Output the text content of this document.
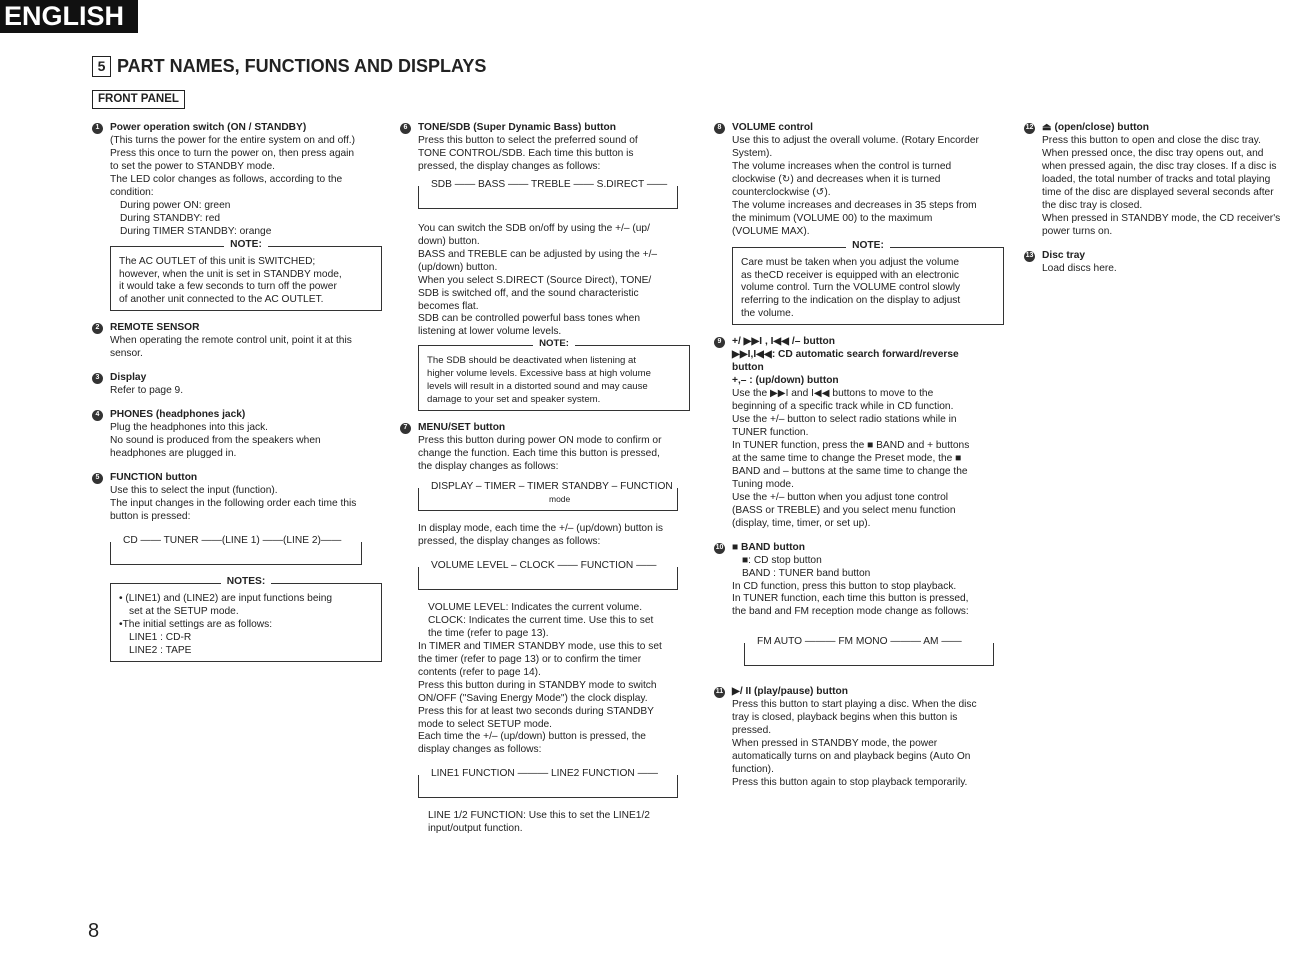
ENGLISH
5 PART NAMES, FUNCTIONS AND DISPLAYS
FRONT PANEL
1	Power operation switch (ON / STANDBY)
(This turns the power for the entire system on and off.)
Press this once to turn the power on, then press again
to set the power to STANDBY mode.
The LED color changes as follows, according to the
condition:
During power ON: green
During STANDBY: red
During TIMER STANDBY: orange
NOTE:
The AC OUTLET of this unit is SWITCHED;
however, when the unit is set in STANDBY mode,
it would take a few seconds to turn off the power
of another unit connected to the AC OUTLET.
2	REMOTE SENSOR
When operating the remote control unit, point it at this
sensor.
3	Display
Refer to page 9.
4	PHONES (headphones jack)
Plug the headphones into this jack.
No sound is produced from the speakers when
headphones are plugged in.
5	FUNCTION button
Use this to select the input (function).
The input changes in the following order each time this
button is pressed:
CD —— TUNER ——(LINE 1) ——(LINE 2)——
NOTES:
• (LINE1) and (LINE2) are input functions being
set at the SETUP mode.
•The initial settings are as follows:
LINE1 : CD-R
LINE2 : TAPE
6	TONE/SDB (Super Dynamic Bass) button
Press this button to select the preferred sound of
TONE CONTROL/SDB. Each time this button is
pressed, the display changes as follows:
SDB —— BASS —— TREBLE —— S.DIRECT ——
You can switch the SDB on/off by using the +/– (up/
down) button.
BASS and TREBLE can be adjusted by using the +/–
(up/down) button.
When you select S.DIRECT (Source Direct), TONE/
SDB is switched off, and the sound characteristic
becomes flat.
SDB can be controlled powerful bass tones when
listening at lower volume levels.
NOTE:
The SDB should be deactivated when listening at
higher volume levels. Excessive bass at high volume
levels will result in a distorted sound and may cause
damage to your set and speaker system.
7	MENU/SET button
Press this button during power ON mode to confirm or
change the function. Each time this button is pressed,
the display changes as follows:
DISPLAY – TIMER – TIMER STANDBY – FUNCTION
mode
In display mode, each time the +/– (up/down) button is
pressed, the display changes as follows:
VOLUME LEVEL – CLOCK —— FUNCTION ——
VOLUME LEVEL: Indicates the current volume.
CLOCK: Indicates the current time. Use this to set
the time (refer to page 13).
In TIMER and TIMER STANDBY mode, use this to set
the timer (refer to page 13) or to confirm the timer
contents (refer to page 14).
Press this button during in STANDBY mode to switch
ON/OFF ("Saving Energy Mode") the clock display.
Press this for at least two seconds during STANDBY
mode to select SETUP mode.
Each time the +/– (up/down) button is pressed, the
display changes as follows:
LINE1 FUNCTION ——— LINE2 FUNCTION ——
LINE 1/2 FUNCTION: Use this to set the LINE1/2
input/output function.
8	VOLUME control
Use this to adjust the overall volume. (Rotary Encorder
System).
The volume increases when the control is turned
clockwise (↻) and decreases when it is turned
counterclockwise (↺).
The volume increases and decreases in 35 steps from
the minimum (VOLUME 00) to the maximum
(VOLUME MAX).
NOTE:
Care must be taken when you adjust the volume
as theCD receiver is equipped with an electronic
volume control. Turn the VOLUME control slowly
referring to the indication on the display to adjust
the volume.
9	+/ ▶▶I , I◀◀ /– button
▶▶I,I◀◀: CD automatic search forward/reverse
button
+,– : (up/down) button
Use the ▶▶I and I◀◀ buttons to move to the
beginning of a specific track while in CD function.
Use the +/– button to select radio stations while in
TUNER function.
In TUNER function, press the ■ BAND and + buttons
at the same time to change the Preset mode, the ■
BAND and – buttons at the same time to change the
Tuning mode.
Use the +/– button when you adjust tone control
(BASS or TREBLE) and you select menu function
(display, time, timer, or set up).
10 ■ BAND button
■: CD stop button
BAND : TUNER band button
In CD function, press this button to stop playback.
In TUNER function, each time this button is pressed,
the band and FM reception mode change as follows:
FM AUTO ——— FM MONO ——— AM ——
11 ▶/ II (play/pause) button
Press this button to start playing a disc. When the disc
tray is closed, playback begins when this button is
pressed.
When pressed in STANDBY mode, the power
automatically turns on and playback begins (Auto On
function).
Press this button again to stop playback temporarily.
12 ⏏ (open/close) button
Press this button to open and close the disc tray.
When pressed once, the disc tray opens out, and
when pressed again, the disc tray closes. If a disc is
loaded, the total number of tracks and total playing
time of the disc are displayed several seconds after
the disc tray is closed.
When pressed in STANDBY mode, the CD receiver's
power turns on.
13 Disc tray
Load discs here.
8
